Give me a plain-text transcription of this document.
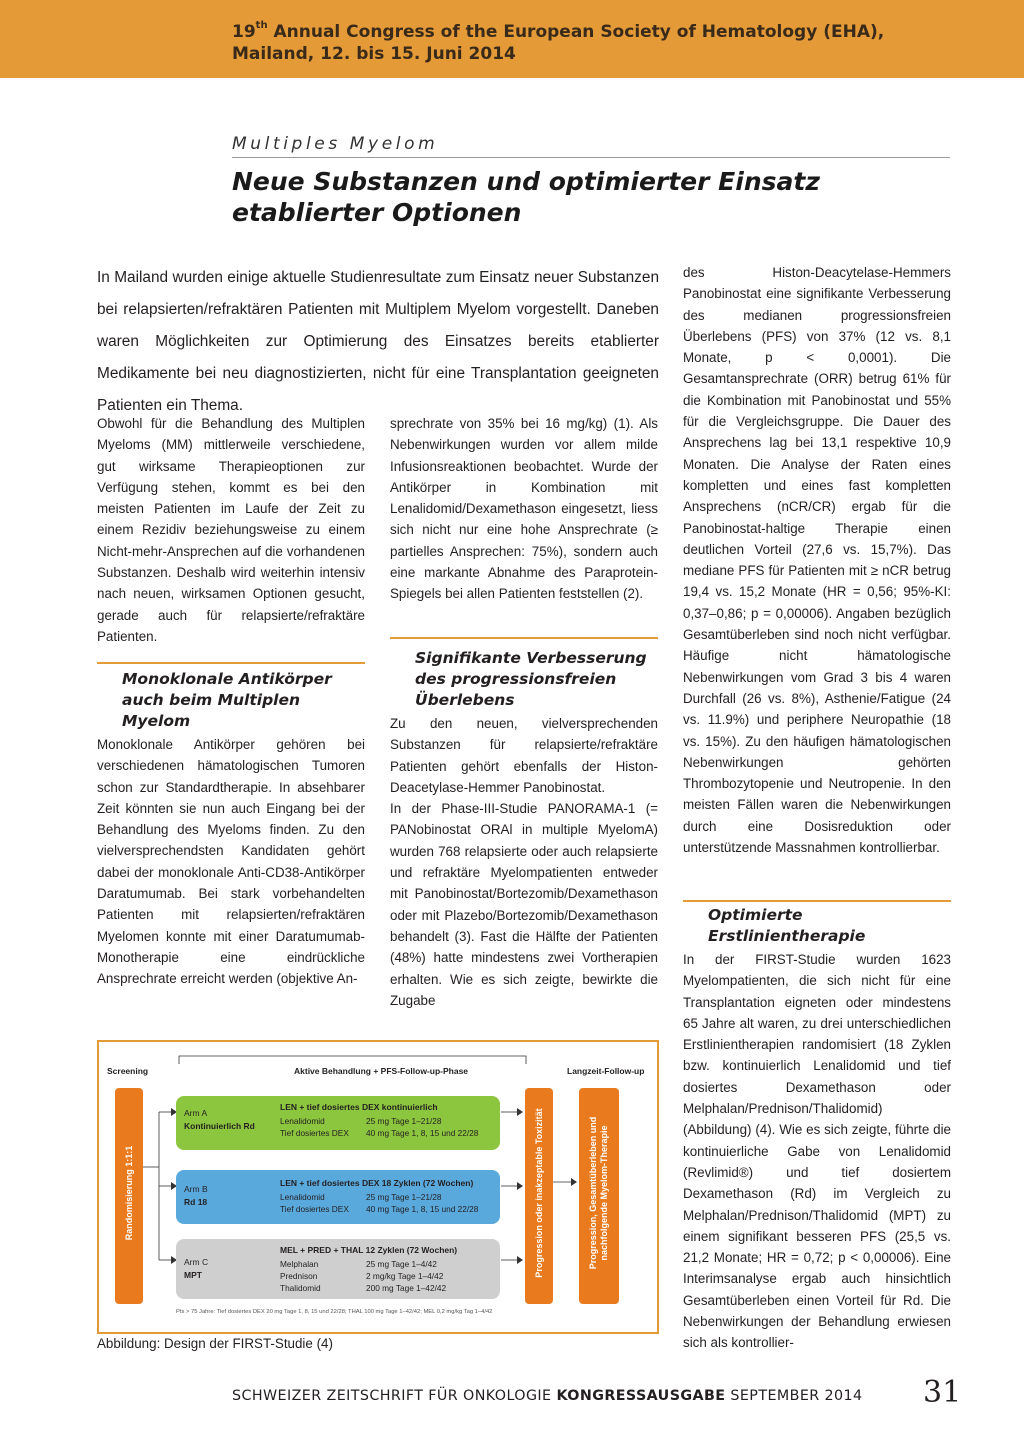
19th Annual Congress of the European Society of Hematology (EHA),
Mailand, 12. bis 15. Juni 2014
Multiples Myelom
Neue Substanzen und optimierter Einsatz
etablierter Optionen
In Mailand wurden einige aktuelle Studienresultate zum Einsatz neuer Substanzen bei relapsierten/refraktären Patienten mit Multiplem Myelom vorgestellt. Daneben waren Möglichkeiten zur Optimierung des Einsatzes bereits etablierter Medikamente bei neu diagnostizierten, nicht für eine Transplantation geeigneten Patienten ein Thema.
Obwohl für die Behandlung des Multiplen Myeloms (MM) mittlerweile verschiedene, gut wirksame Therapieoptionen zur Verfügung stehen, kommt es bei den meisten Patienten im Laufe der Zeit zu einem Rezidiv beziehungsweise zu einem Nicht-mehr-Ansprechen auf die vorhandenen Substanzen. Deshalb wird weiterhin intensiv nach neuen, wirksamen Optionen gesucht, gerade auch für relapsierte/refraktäre Patienten.
Monoklonale Antikörper auch beim Multiplen Myelom
Monoklonale Antikörper gehören bei verschiedenen hämatologischen Tumoren schon zur Standardtherapie. In absehbarer Zeit könnten sie nun auch Eingang bei der Behandlung des Myeloms finden. Zu den vielversprechendsten Kandidaten gehört dabei der monoklonale Anti-CD38-Antikörper Daratumumab. Bei stark vorbehandelten Patienten mit relapsierten/refraktären Myelomen konnte mit einer Daratumumab-Monotherapie eine eindrückliche Ansprechrate erreicht werden (objektive An-
sprechrate von 35% bei 16 mg/kg) (1). Als Nebenwirkungen wurden vor allem milde Infusionsreaktionen beobachtet. Wurde der Antikörper in Kombination mit Lenalidomid/Dexamethason eingesetzt, liess sich nicht nur eine hohe Ansprechrate (≥ partielles Ansprechen: 75%), sondern auch eine markante Abnahme des Paraprotein-Spiegels bei allen Patienten feststellen (2).
Signifikante Verbesserung des progressionsfreien Überlebens

Zu den neuen, vielversprechenden Substanzen für relapsierte/refraktäre Patienten gehört ebenfalls der Histon-Deacetylase-Hemmer Panobinostat.

In der Phase-III-Studie PANORAMA-1 (= PANobinostat ORAl in multiple MyelomA) wurden 768 relapsierte oder auch relapsierte und refraktäre Myelompatienten entweder mit Panobinostat/Bortezomib/Dexamethason oder mit Plazebo/Bortezomib/Dexamethason behandelt (3). Fast die Hälfte der Patienten (48%) hatte mindestens zwei Vortherapien erhalten. Wie es sich zeigte, bewirkte die Zugabe

des Histon-Deacytelase-Hemmers Panobinostat eine signifikante Verbesserung des medianen progressionsfreien Überlebens (PFS) von 37% (12 vs. 8,1 Monate, p < 0,0001). Die Gesamtansprechrate (ORR) betrug 61% für die Kombination mit Panobinostat und 55% für die Vergleichsgruppe. Die Dauer des Ansprechens lag bei 13,1 respektive 10,9 Monaten. Die Analyse der Raten eines kompletten und eines fast kompletten Ansprechens (nCR/CR) ergab für die Panobinostat-haltige Therapie einen deutlichen Vorteil (27,6 vs. 15,7%). Das mediane PFS für Patienten mit ≥ nCR betrug 19,4 vs. 15,2 Monate (HR = 0,56; 95%-KI: 0,37–0,86; p = 0,00006). Angaben bezüglich Gesamtüberleben sind noch nicht verfügbar. Häufige nicht hämatologische Nebenwirkungen vom Grad 3 bis 4 waren Durchfall (26 vs. 8%), Asthenie/Fatigue (24 vs. 11.9%) und periphere Neuropathie (18 vs. 15%). Zu den häufigen hämatologischen Nebenwirkungen gehörten Thrombozytopenie und Neutropenie. In den meisten Fällen waren die Nebenwirkungen durch eine Dosisreduktion oder unterstützende Massnahmen kontrollierbar.
Optimierte Erstlinientherapie
In der FIRST-Studie wurden 1623 Myelompatienten, die sich nicht für eine Transplantation eigneten oder mindestens 65 Jahre alt waren, zu drei unterschiedlichen Erstlinientherapien randomisiert (18 Zyklen bzw. kontinuierlich Lenalidomid und tief dosiertes Dexamethason oder Melphalan/Prednison/Thalidomid) (Abbildung) (4). Wie es sich zeigte, führte die kontinuierliche Gabe von Lenalidomid (Revlimid®) und tief dosiertem Dexamethason (Rd) im Vergleich zu Melphalan/Prednison/Thalidomid (MPT) zu einem signifikant besseren PFS (25,5 vs. 21,2 Monate; HR = 0,72; p < 0,00006). Eine Interimsanalyse ergab auch hinsichtlich Gesamtüberleben einen Vorteil für Rd. Die Nebenwirkungen der Behandlung erwiesen sich als kontrollier-
Screening	Aktive Behandlung + PFS-Follow-up-Phase	Langzeit-Follow-up
Randomisierung 1:1:1	Progression oder inakzeptable Toxizität	Progression, Gesamtüberleben und nachfolgende Myelom-Therapie
Arm A
Kontinuierlich Rd
LEN + tief dosiertes DEX kontinuierlich
Lenalidomid	25 mg Tage 1–21/28
Tief dosiertes DEX 40 mg Tage 1, 8, 15 und 22/28
Arm B
Rd 18
LEN + tief dosiertes DEX 18 Zyklen (72 Wochen)
Lenalidomid	25 mg Tage 1–21/28
Tief dosiertes DEX 40 mg Tage 1, 8, 15 und 22/28
Arm C
MPT
MEL + PRED + THAL 12 Zyklen (72 Wochen)
Melphalan	25 mg Tage 1–4/42
Prednison	2 mg/kg Tage 1–4/42
Thalidomid	200 mg Tage 1–42/42
Pts > 75 Jahre: Tief dosiertes DEX 20 mg Tage 1, 8, 15 und 22/28; THAL 100 mg Tage 1–42/42; MEL 0,2 mg/kg Tag 1–4/42
Abbildung: Design der FIRST-Studie (4)
SCHWEIZER ZEITSCHRIFT FÜR ONKOLOGIE KONGRESSAUSGABE SEPTEMBER 2014 31
